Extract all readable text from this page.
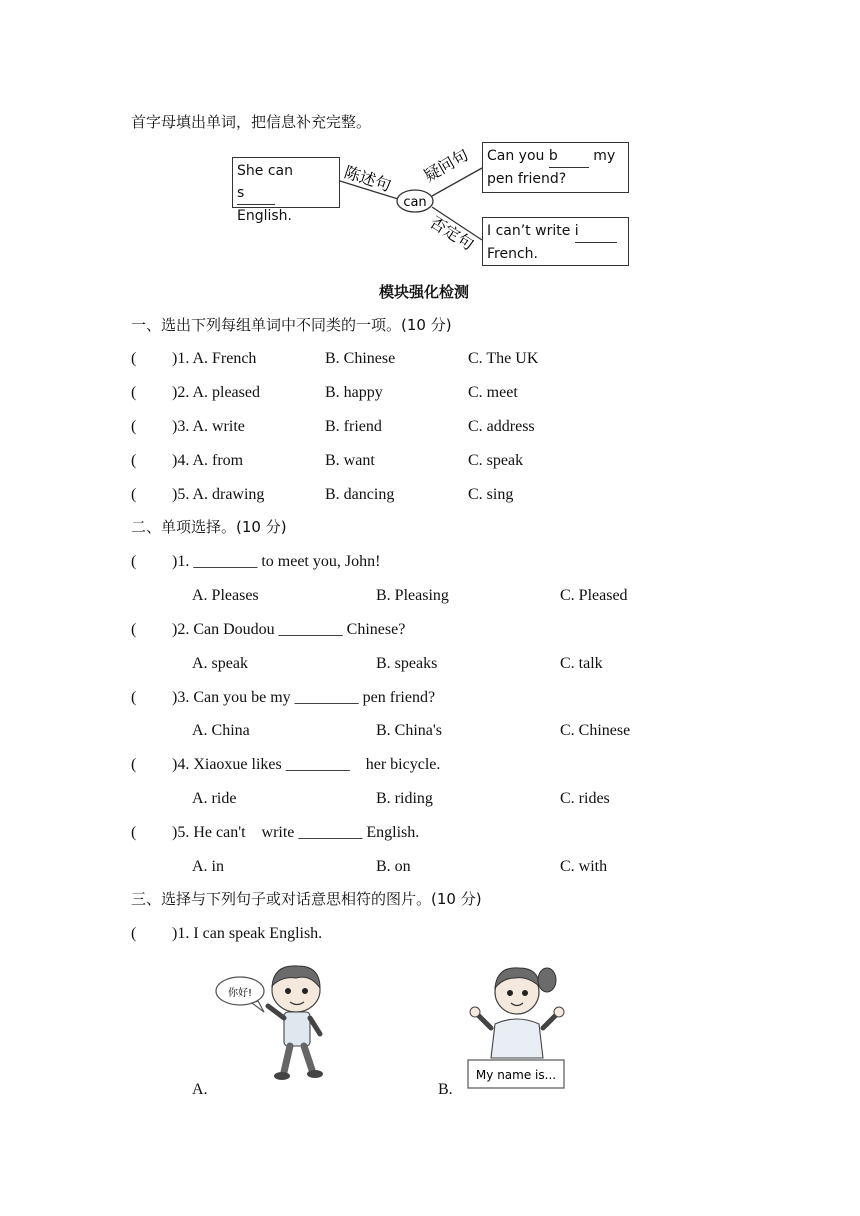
首字母填出单词，把信息补充完整。
can
陈述句 疑问句
否定句
She can s
English.
Can you b my
pen friend?
I can’t write i
French.
模块强化检测
一、选出下列每组单词中不同类的一项。(10 分)
( )1. A. French	B. Chinese	C. The UK
( )2. A. pleased	B. happy	C. meet
( )3. A. write	B. friend	C. address
( )4. A. from	B. want	C. speak
( )5. A. drawing	B. dancing	C. sing
二、单项选择。(10 分)
( )1. ________ to meet you, John!
A. Pleases	B. Pleasing	C. Pleased
( )2. Can Doudou ________ Chinese?
A. speak	B. speaks	C. talk
( )3. Can you be my ________ pen friend?
A. China	B. China's	C. Chinese
( )4. Xiaoxue likes ________    her bicycle.
A. ride	B. riding	C. rides
( )5. He can't    write ________ English.
A. in	B. on	C. with
三、选择与下列句子或对话意思相符的图片。(10 分)
( )1. I can speak English.
A.	B.
你好!
My name is...
